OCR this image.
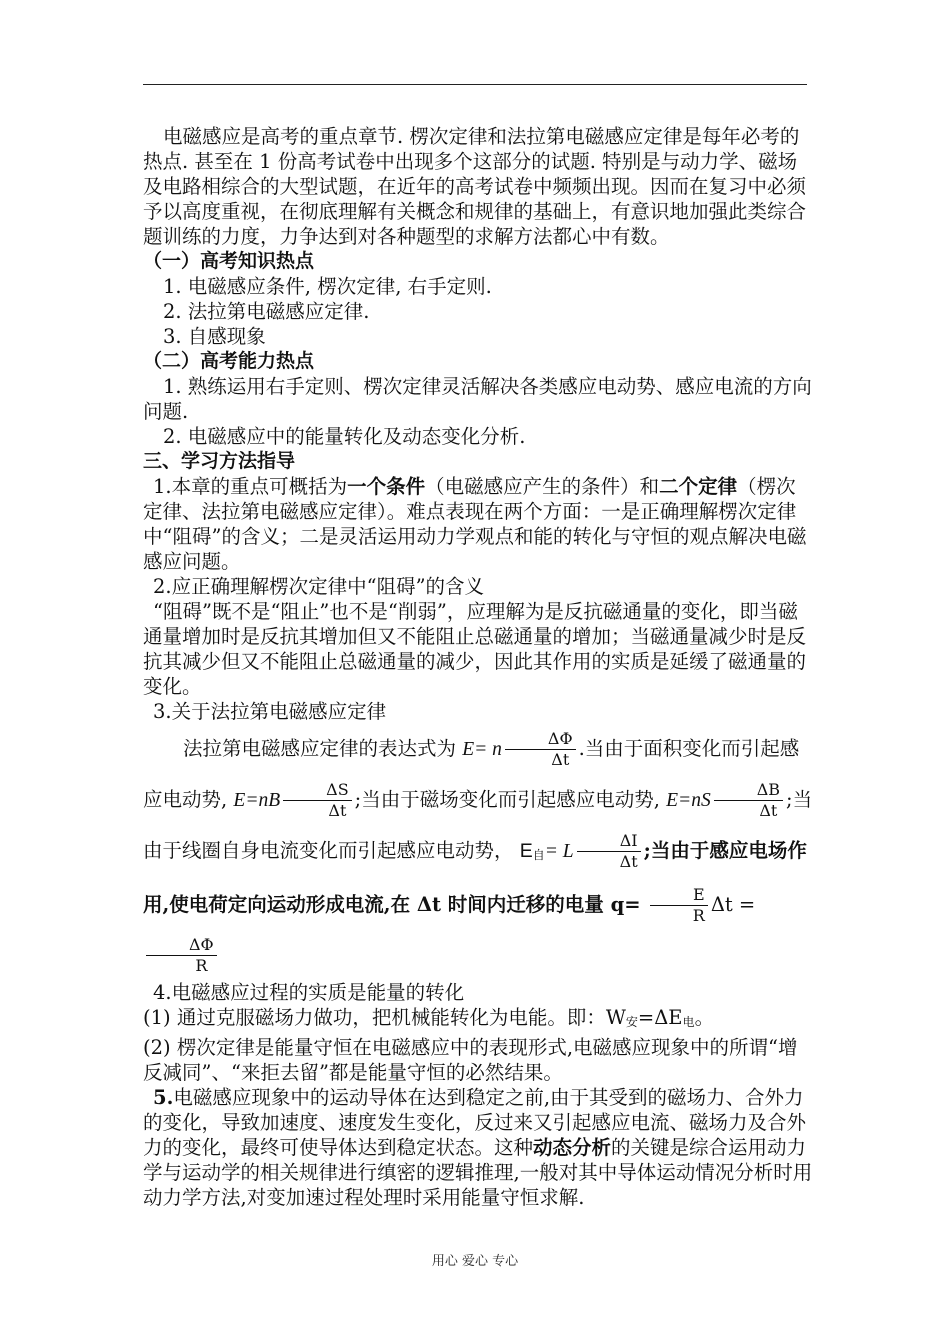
电磁感应是高考的重点章节. 楞次定律和法拉第电磁感应定律是每年必考的热点. 甚至在 1 份高考试卷中出现多个这部分的试题. 特别是与动力学、磁场及电路相综合的大型试题，在近年的高考试卷中频频出现。因而在复习中必须予以高度重视，在彻底理解有关概念和规律的基础上，有意识地加强此类综合题训练的力度，力争达到对各种题型的求解方法都心中有数。

（一）高考知识热点

1. 电磁感应条件, 楞次定律, 右手定则.

2. 法拉第电磁感应定律.

3. 自感现象

（二）高考能力热点

1. 熟练运用右手定则、楞次定律灵活解决各类感应电动势、感应电流的方向问题.

2. 电磁感应中的能量转化及动态变化分析.

三、学习方法指导

1.本章的重点可概括为一个条件（电磁感应产生的条件）和二个定律（楞次定律、法拉第电磁感应定律）。难点表现在两个方面：一是正确理解楞次定律中“阻碍”的含义；二是灵活运用动力学观点和能的转化与守恒的观点解决电磁感应问题。

2.应正确理解楞次定律中“阻碍”的含义

“阻碍”既不是“阻止”也不是“削弱”，应理解为是反抗磁通量的变化，即当磁通量增加时是反抗其增加但又不能阻止总磁通量的增加；当磁通量减少时是反抗其减少但又不能阻止总磁通量的减少，因此其作用的实质是延缓了磁通量的变化。

3.关于法拉第电磁感应定律

法拉第电磁感应定律的表达式为 E= n $\frac{\Delta\Phi}{\Delta t}$ .当由于面积变化而引起感应电动势, $E=nB \frac{\Delta S}{\Delta t}$ ;当由于磁场变化而引起感应电动势, $E=nS \frac{\Delta B}{\Delta t}$ ;当由于线圈自身电流变化而引起感应电动势， E自= L $\frac{\Delta I}{\Delta t}$ ;当由于感应电场作用,使电荷定向运动形成电流,在 Δt 时间内迁移的电量 $q= \frac{E}{R}$ Δt =
$\frac{\Delta\Phi}{R}$

4.电磁感应过程的实质是能量的转化

(1) 通过克服磁场力做功，把机械能转化为电能。即：W安=ΔE电。

(2) 楞次定律是能量守恒在电磁感应中的表现形式,电磁感应现象中的所谓“增反减同”、“来拒去留”都是能量守恒的必然结果。

5.电磁感应现象中的运动导体在达到稳定之前,由于其受到的磁场力、合外力的变化，导致加速度、速度发生变化，反过来又引起感应电流、磁场力及合外力的变化，最终可使导体达到稳定状态。这种动态分析的关键是综合运用动力学与运动学的相关规律进行缜密的逻辑推理,一般对其中导体运动情况分析时用动力学方法,对变加速过程处理时采用能量守恒求解.

用心 爱心 专心
